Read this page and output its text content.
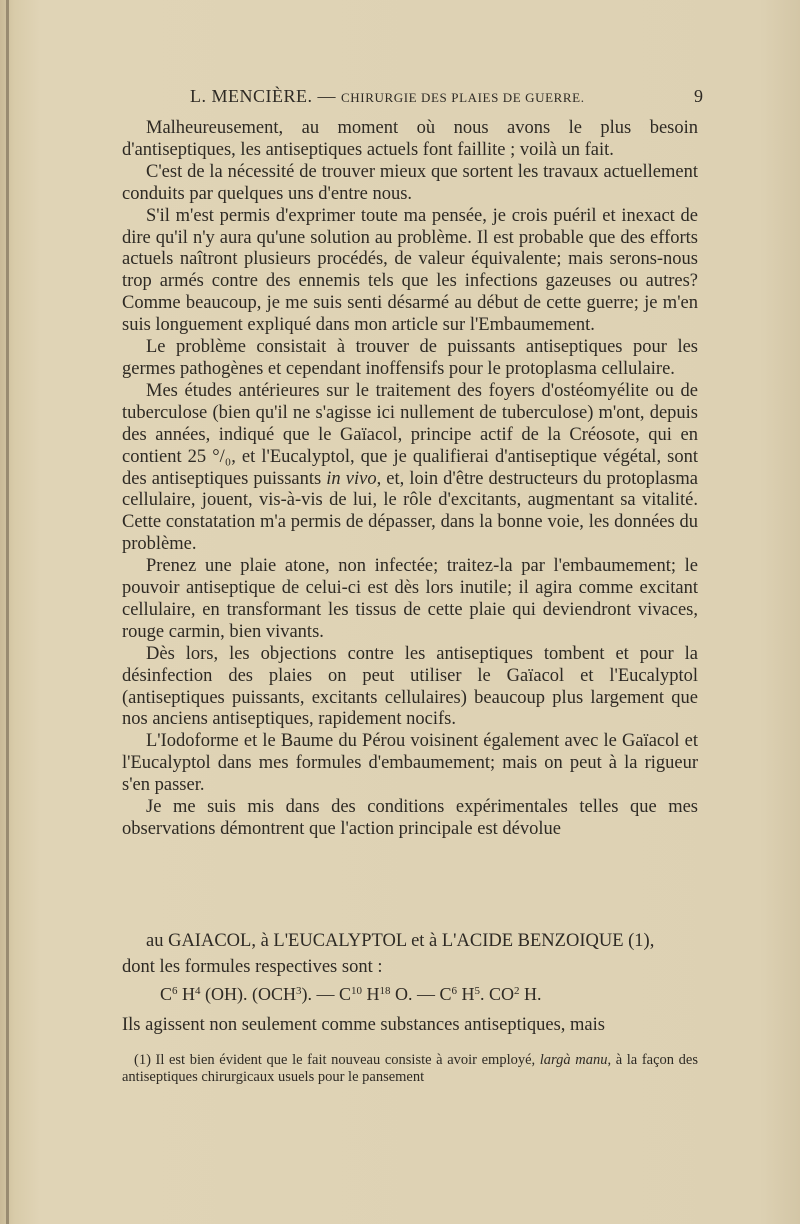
L. MENCIÈRE. — CHIRURGIE DES PLAIES DE GUERRE.	9

Malheureusement, au moment où nous avons le plus besoin d'antiseptiques, les antiseptiques actuels font faillite ; voilà un fait.

C'est de la nécessité de trouver mieux que sortent les travaux actuellement conduits par quelques uns d'entre nous.

S'il m'est permis d'exprimer toute ma pensée, je crois puéril et inexact de dire qu'il n'y aura qu'une solution au problème. Il est probable que des efforts actuels naîtront plusieurs procédés, de valeur équivalente; mais serons-nous trop armés contre des ennemis tels que les infections gazeuses ou autres? Comme beaucoup, je me suis senti désarmé au début de cette guerre; je m'en suis longuement expliqué dans mon article sur l'Embaumement.

Le problème consistait à trouver de puissants antiseptiques pour les germes pathogènes et cependant inoffensifs pour le protoplasma cellulaire.

Mes études antérieures sur le traitement des foyers d'ostéomyélite ou de tuberculose (bien qu'il ne s'agisse ici nullement de tuberculose) m'ont, depuis des années, indiqué que le Gaïacol, principe actif de la Créosote, qui en contient 25 °/₀, et l'Eucalyptol, que je qualifierai d'antiseptique végétal, sont des antiseptiques puissants in vivo, et, loin d'être destructeurs du protoplasma cellulaire, jouent, vis-à-vis de lui, le rôle d'excitants, augmentant sa vitalité. Cette constatation m'a permis de dépasser, dans la bonne voie, les données du problème.

Prenez une plaie atone, non infectée; traitez-la par l'embaumement; le pouvoir antiseptique de celui-ci est dès lors inutile; il agira comme excitant cellulaire, en transformant les tissus de cette plaie qui deviendront vivaces, rouge carmin, bien vivants.

Dès lors, les objections contre les antiseptiques tombent et pour la désinfection des plaies on peut utiliser le Gaïacol et l'Eucalyptol (antiseptiques puissants, excitants cellulaires) beaucoup plus largement que nos anciens antiseptiques, rapidement nocifs.

L'Iodoforme et le Baume du Pérou voisinent également avec le Gaïacol et l'Eucalyptol dans mes formules d'embaumement; mais on peut à la rigueur s'en passer.

Je me suis mis dans des conditions expérimentales telles que mes observations démontrent que l'action principale est dévolue

au GAIACOL, à L'EUCALYPTOL et à L'ACIDE BENZOIQUE (1),
dont les formules respectives sont :
$C^6$ $H^4$ (OH). (OCH$^3$). — $C^{10}$ $H^{18}$ O. — $C^6$ $H^5$. $CO^2$ H.
Ils agissent non seulement comme substances antiseptiques, mais
(1) Il est bien évident que le fait nouveau consiste à avoir employé, largà manu, à la façon des antiseptiques chirurgicaux usuels pour le pansement
